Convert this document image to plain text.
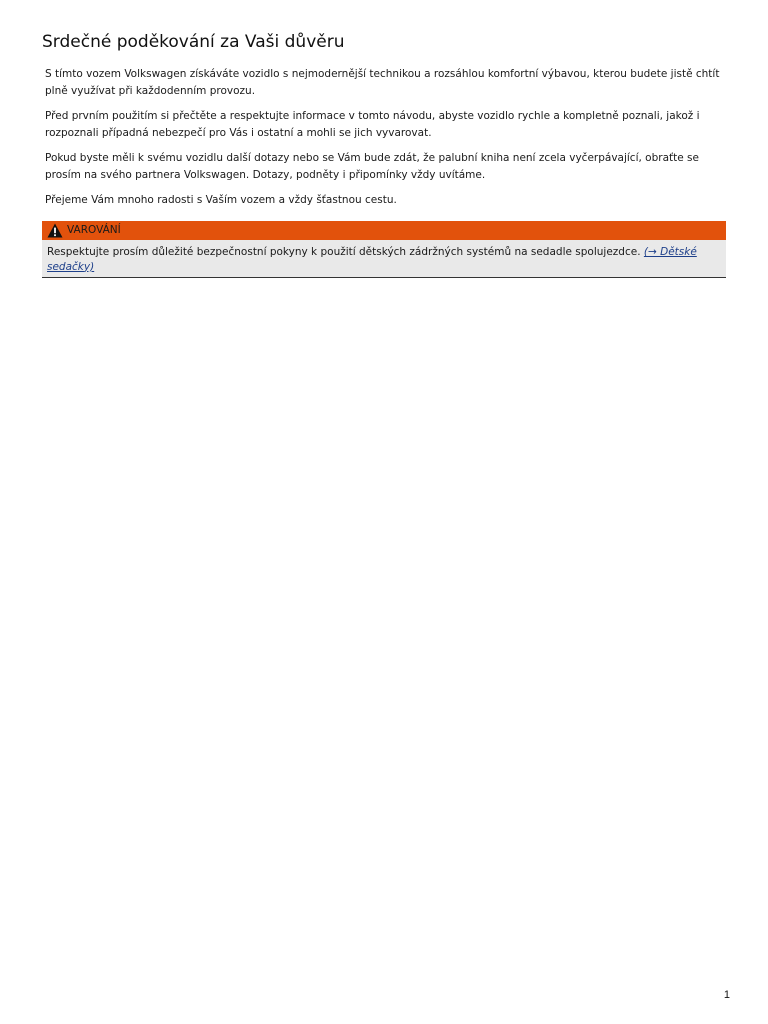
Srdečné poděkování za Vaši důvěru

S tímto vozem Volkswagen získáváte vozidlo s nejmodernější technikou a rozsáhlou komfortní výbavou, kterou budete jistě chtít plně využívat při každodenním provozu.

Před prvním použitím si přečtěte a respektujte informace v tomto návodu, abyste vozidlo rychle a kompletně poznali, jakož i rozpoznali případná nebezpečí pro Vás i ostatní a mohli se jich vyvarovat.

Pokud byste měli k svému vozidlu další dotazy nebo se Vám bude zdát, že palubní kniha není zcela vyčerpávající, obraťte se prosím na svého partnera Volkswagen. Dotazy, podněty i připomínky vždy uvítáme.

Přejeme Vám mnoho radosti s Vaším vozem a vždy šťastnou cestu.

VAROVÁNÍ
Respektujte prosím důležité bezpečnostní pokyny k použití dětských zádržných systémů na sedadle spolujezdce. (→ Dětské sedačky)
1
